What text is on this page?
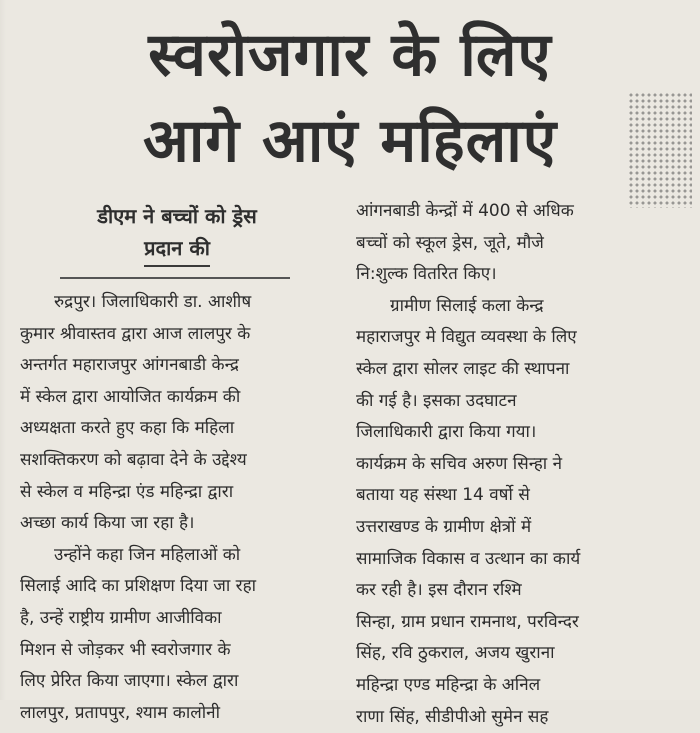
स्वरोजगार के लिए
आगे आएं महिलाएं
डीएम ने बच्चों को ड्रेस
प्रदान की
रुद्रपुर। जिलाधिकारी डा. आशीष
कुमार श्रीवास्तव द्वारा आज लालपुर के
अन्तर्गत महाराजपुर आंगनबाडी केन्द्र
में स्केल द्वारा आयोजित कार्यक्रम की
अध्यक्षता करते हुए कहा कि महिला
सशक्तिकरण को बढ़ावा देने के उद्देश्य
से स्केल व महिन्द्रा एंड महिन्द्रा द्वारा
अच्छा कार्य किया जा रहा है।
उन्होंने कहा जिन महिलाओं को
सिलाई आदि का प्रशिक्षण दिया जा रहा
है, उन्हें राष्ट्रीय ग्रामीण आजीविका
मिशन से जोड़कर भी स्वरोजगार के
लिए प्रेरित किया जाएगा। स्केल द्वारा
लालपुर, प्रतापपुर, श्याम कालोनी
आंगनबाडी केन्द्रों में 400 से अधिक
बच्चों को स्कूल ड्रेस, जूते, मौजे
नि:शुल्क वितरित किए।
ग्रामीण सिलाई कला केन्द्र
महाराजपुर मे विद्युत व्यवस्था के लिए
स्केल द्वारा सोलर लाइट की स्थापना
की गई है। इसका उदघाटन
जिलाधिकारी द्वारा किया गया।
कार्यक्रम के सचिव अरुण सिन्हा ने
बताया यह संस्था 14 वर्षो से
उत्तराखण्ड के ग्रामीण क्षेत्रों में
सामाजिक विकास व उत्थान का कार्य
कर रही है। इस दौरान रश्मि
सिन्हा, ग्राम प्रधान रामनाथ, परविन्दर
सिंह, रवि ठुकराल, अजय खुराना
महिन्द्रा एण्ड महिन्द्रा के अनिल
राणा सिंह, सीडीपीओ सुमेन सह
